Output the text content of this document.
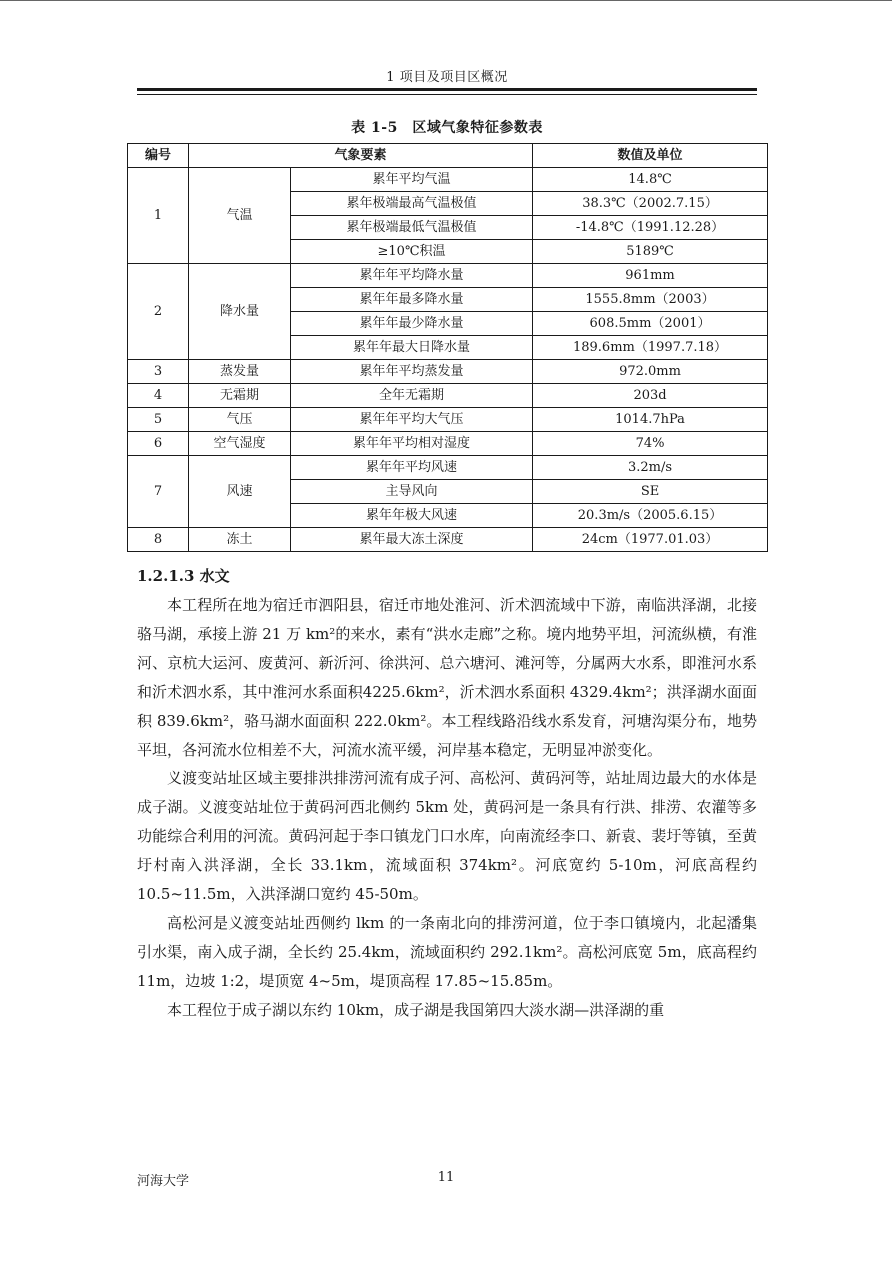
1 项目及项目区概况
表 1-5　区域气象特征参数表
编号	气象要素		数值及单位
1	气温	累年平均气温	14.8℃
		累年极端最高气温极值	38.3℃（2002.7.15）
		累年极端最低气温极值	-14.8℃（1991.12.28）
		≥10℃积温	5189℃
2	降水量	累年年平均降水量	961mm
		累年年最多降水量	1555.8mm（2003）
		累年年最少降水量	608.5mm（2001）
		累年年最大日降水量	189.6mm（1997.7.18）
3	蒸发量	累年年平均蒸发量	972.0mm
4	无霜期	全年无霜期	203d
5	气压	累年年平均大气压	1014.7hPa
6	空气湿度	累年年平均相对湿度	74%
7	风速	累年年平均风速	3.2m/s
		主导风向	SE
		累年年极大风速	20.3m/s（2005.6.15）
8	冻土	累年最大冻土深度	24cm（1977.01.03）
1.2.1.3 水文

本工程所在地为宿迁市泗阳县，宿迁市地处淮河、沂术泗流域中下游，南临洪泽湖，北接骆马湖，承接上游 21 万 km²的来水，素有“洪水走廊”之称。境内地势平坦，河流纵横，有淮河、京杭大运河、废黄河、新沂河、徐洪河、总六塘河、滩河等，分属两大水系，即淮河水系和沂术泗水系，其中淮河水系面积4225.6km²，沂术泗水系面积 4329.4km²；洪泽湖水面面积 839.6km²，骆马湖水面面积 222.0km²。本工程线路沿线水系发育，河塘沟渠分布，地势平坦，各河流水位相差不大，河流水流平缓，河岸基本稳定，无明显冲淤变化。

义渡变站址区域主要排洪排涝河流有成子河、高松河、黄码河等，站址周边最大的水体是成子湖。义渡变站址位于黄码河西北侧约 5km 处，黄码河是一条具有行洪、排涝、农灌等多功能综合利用的河流。黄码河起于李口镇龙门口水库，向南流经李口、新袁、裴圩等镇，至黄圩村南入洪泽湖，全长 33.1km，流域面积 374km²。河底宽约 5-10m，河底高程约 10.5~11.5m，入洪泽湖口宽约 45-50m。

高松河是义渡变站址西侧约 lkm 的一条南北向的排涝河道，位于李口镇境内，北起潘集引水渠，南入成子湖，全长约 25.4km，流域面积约 292.1km²。高松河底宽 5m，底高程约 11m，边坡 1:2，堤顶宽 4~5m，堤顶高程 17.85~15.85m。

本工程位于成子湖以东约 10km，成子湖是我国第四大淡水湖—洪泽湖的重

河海大学	11
